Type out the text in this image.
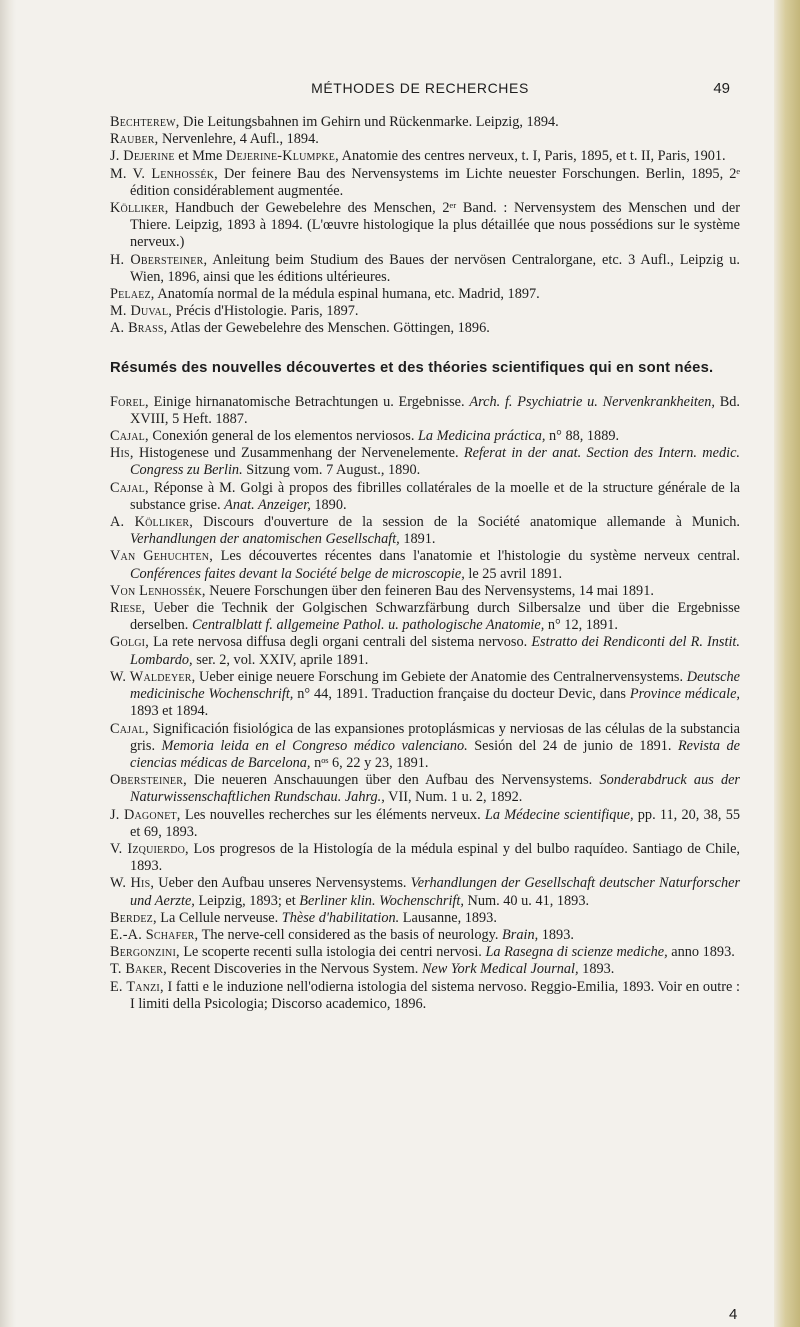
MÉTHODES DE RECHERCHES	49
Bechterew, Die Leitungsbahnen im Gehirn und Rückenmarke. Leipzig, 1894.
Rauber, Nervenlehre, 4 Aufl., 1894.
J. Dejerine et Mme Dejerine-Klumpke, Anatomie des centres nerveux, t. I, Paris, 1895, et t. II, Paris, 1901.
M. V. Lenhossék, Der feinere Bau des Nervensystems im Lichte neuester Forschungen. Berlin, 1895, 2ᵉ édition considérablement augmentée.
Kölliker, Handbuch der Gewebelehre des Menschen, 2ᵉʳ Band. : Nervensystem des Menschen und der Thiere. Leipzig, 1893 à 1894. (L'œuvre histologique la plus détaillée que nous possédions sur le système nerveux.)
H. Obersteiner, Anleitung beim Studium des Baues der nervösen Centralorgane, etc. 3 Aufl., Leipzig u. Wien, 1896, ainsi que les éditions ultérieures.
Pelaez, Anatomía normal de la médula espinal humana, etc. Madrid, 1897.
M. Duval, Précis d'Histologie. Paris, 1897.
A. Brass, Atlas der Gewebelehre des Menschen. Göttingen, 1896.
Résumés des nouvelles découvertes et des théories scientifiques qui en sont nées.
Forel, Einige hirnanatomische Betrachtungen u. Ergebnisse. Arch. f. Psychiatrie u. Nervenkrankheiten, Bd. XVIII, 5 Heft. 1887.
Cajal, Conexión general de los elementos nerviosos. La Medicina práctica, n° 88, 1889.
His, Histogenese und Zusammenhang der Nervenelemente. Referat in der anat. Section des Intern. medic. Congress zu Berlin. Sitzung vom. 7 August., 1890.
Cajal, Réponse à M. Golgi à propos des fibrilles collatérales de la moelle et de la structure générale de la substance grise. Anat. Anzeiger, 1890.
A. Kölliker, Discours d'ouverture de la session de la Société anatomique allemande à Munich. Verhandlungen der anatomischen Gesellschaft, 1891.
Van Gehuchten, Les découvertes récentes dans l'anatomie et l'histologie du système nerveux central. Conférences faites devant la Société belge de microscopie, le 25 avril 1891.
Von Lenhossék, Neuere Forschungen über den feineren Bau des Nervensystems, 14 mai 1891.
Riese, Ueber die Technik der Golgischen Schwarzfärbung durch Silbersalze und über die Ergebnisse derselben. Centralblatt f. allgemeine Pathol. u. pathologische Anatomie, n° 12, 1891.
Golgi, La rete nervosa diffusa degli organi centrali del sistema nervoso. Estratto dei Rendiconti del R. Instit. Lombardo, ser. 2, vol. XXIV, aprile 1891.
W. Waldeyer, Ueber einige neuere Forschung im Gebiete der Anatomie des Centralnervensystems. Deutsche medicinische Wochenschrift, n° 44, 1891. Traduction française du docteur Devic, dans Province médicale, 1893 et 1894.
Cajal, Significación fisiológica de las expansiones protoplásmicas y nerviosas de las células de la substancia gris. Memoria leida en el Congreso médico valenciano. Sesión del 24 de junio de 1891. Revista de ciencias médicas de Barcelona, nᵒˢ 6, 22 y 23, 1891.
Obersteiner, Die neueren Anschauungen über den Aufbau des Nervensystems. Sonderabdruck aus der Naturwissenschaftlichen Rundschau. Jahrg., VII, Num. 1 u. 2, 1892.
J. Dagonet, Les nouvelles recherches sur les éléments nerveux. La Médecine scientifique, pp. 11, 20, 38, 55 et 69, 1893.
V. Izquierdo, Los progresos de la Histología de la médula espinal y del bulbo raquídeo. Santiago de Chile, 1893.
W. His, Ueber den Aufbau unseres Nervensystems. Verhandlungen der Gesellschaft deutscher Naturforscher und Aerzte, Leipzig, 1893; et Berliner klin. Wochenschrift, Num. 40 u. 41, 1893.
Berdez, La Cellule nerveuse. Thèse d'habilitation. Lausanne, 1893.
E.-A. Schafer, The nerve-cell considered as the basis of neurology. Brain, 1893.
Bergonzini, Le scoperte recenti sulla istologia dei centri nervosi. La Rasegna di scienze mediche, anno 1893.
T. Baker, Recent Discoveries in the Nervous System. New York Medical Journal, 1893.
E. Tanzi, I fatti e le induzione nell'odierna istologia del sistema nervoso. Reggio-Emilia, 1893. Voir en outre : I limiti della Psicologia; Discorso academico, 1896.
4
